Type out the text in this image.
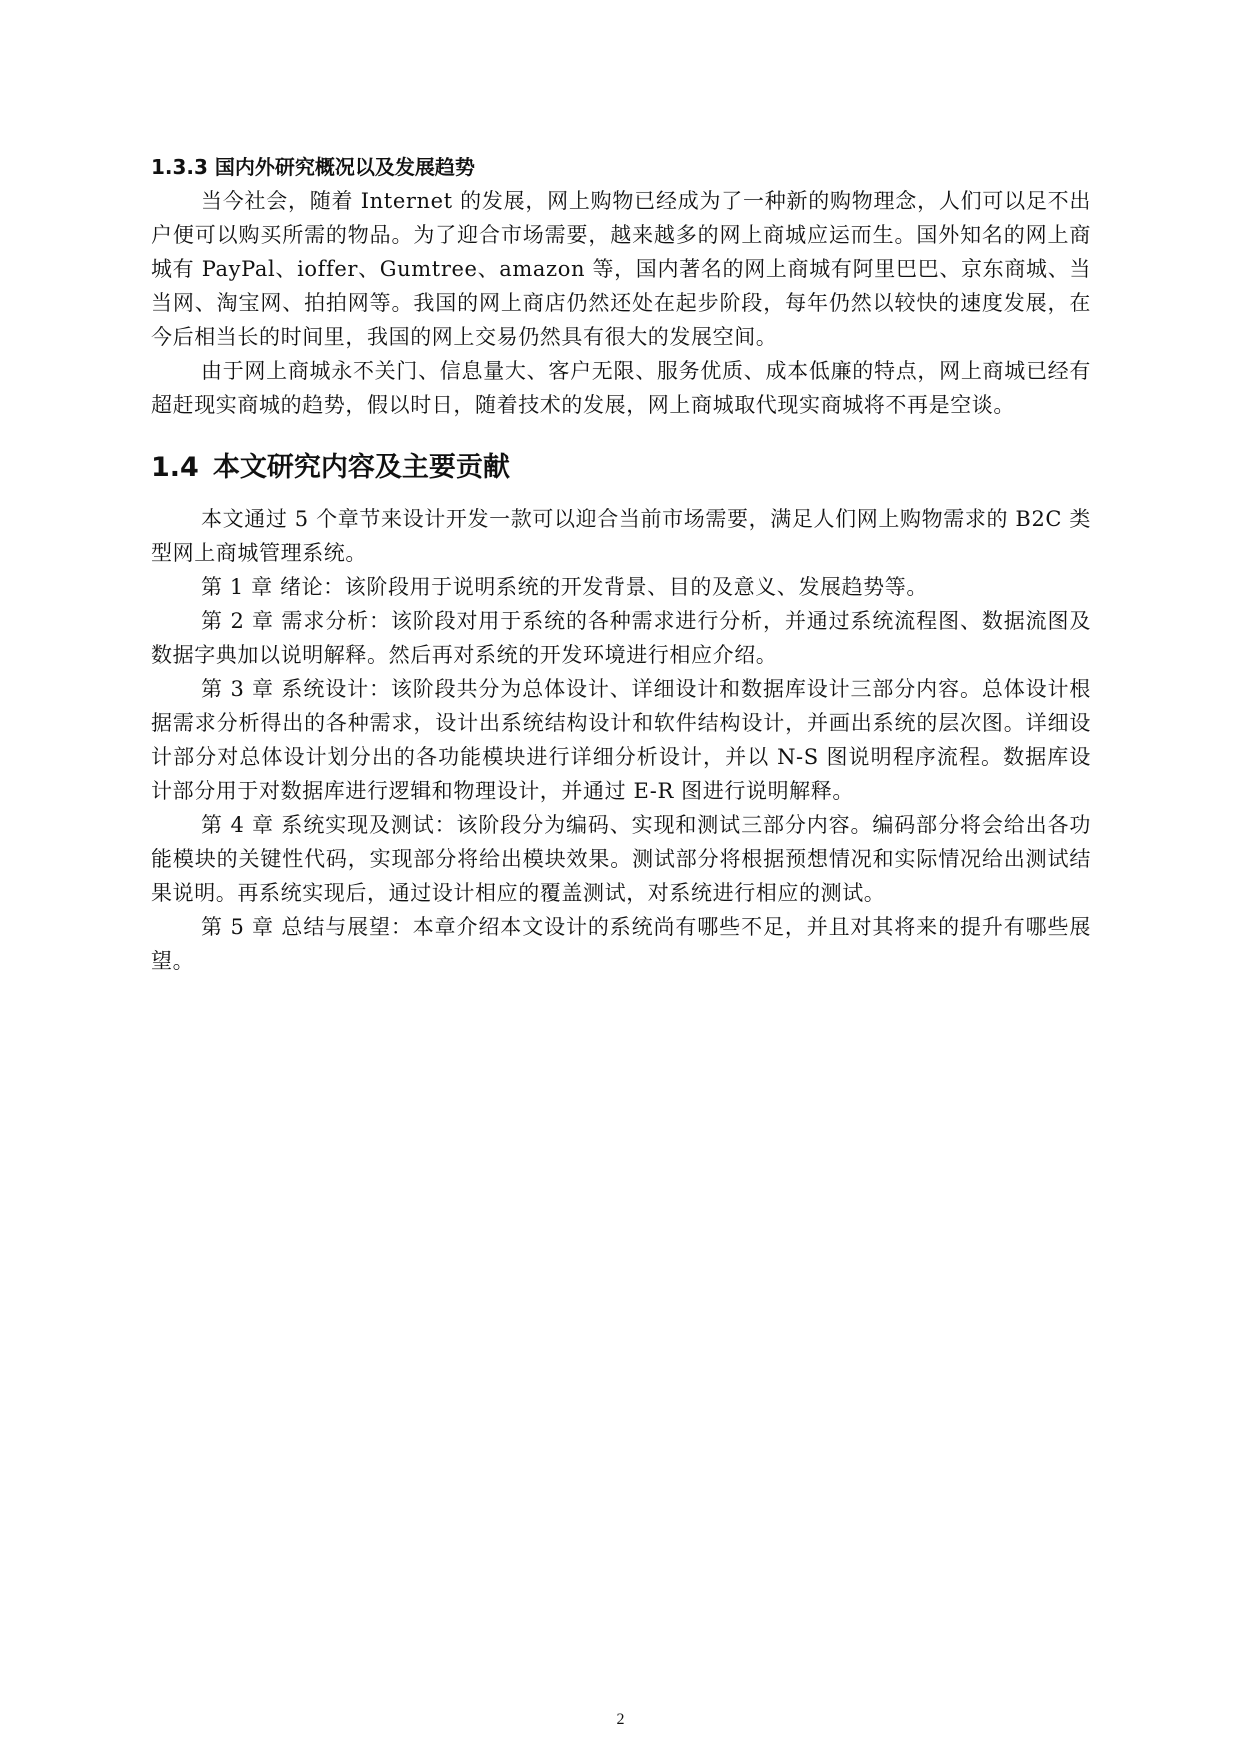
1.3.3 国内外研究概况以及发展趋势

当今社会，随着 Internet 的发展，网上购物已经成为了一种新的购物理念，人们可以足不出户便可以购买所需的物品。为了迎合市场需要，越来越多的网上商城应运而生。国外知名的网上商城有 PayPal、ioffer、Gumtree、amazon 等，国内著名的网上商城有阿里巴巴、京东商城、当当网、淘宝网、拍拍网等。我国的网上商店仍然还处在起步阶段，每年仍然以较快的速度发展，在今后相当长的时间里，我国的网上交易仍然具有很大的发展空间。

由于网上商城永不关门、信息量大、客户无限、服务优质、成本低廉的特点，网上商城已经有超赶现实商城的趋势，假以时日，随着技术的发展，网上商城取代现实商城将不再是空谈。

1.4 本文研究内容及主要贡献

本文通过 5 个章节来设计开发一款可以迎合当前市场需要，满足人们网上购物需求的 B2C 类型网上商城管理系统。

第 1 章 绪论：该阶段用于说明系统的开发背景、目的及意义、发展趋势等。

第 2 章 需求分析：该阶段对用于系统的各种需求进行分析，并通过系统流程图、数据流图及数据字典加以说明解释。然后再对系统的开发环境进行相应介绍。

第 3 章 系统设计：该阶段共分为总体设计、详细设计和数据库设计三部分内容。总体设计根据需求分析得出的各种需求，设计出系统结构设计和软件结构设计，并画出系统的层次图。详细设计部分对总体设计划分出的各功能模块进行详细分析设计，并以 N-S 图说明程序流程。数据库设计部分用于对数据库进行逻辑和物理设计，并通过 E-R 图进行说明解释。

第 4 章 系统实现及测试：该阶段分为编码、实现和测试三部分内容。编码部分将会给出各功能模块的关键性代码，实现部分将给出模块效果。测试部分将根据预想情况和实际情况给出测试结果说明。再系统实现后，通过设计相应的覆盖测试，对系统进行相应的测试。

第 5 章 总结与展望：本章介绍本文设计的系统尚有哪些不足，并且对其将来的提升有哪些展望。

2
